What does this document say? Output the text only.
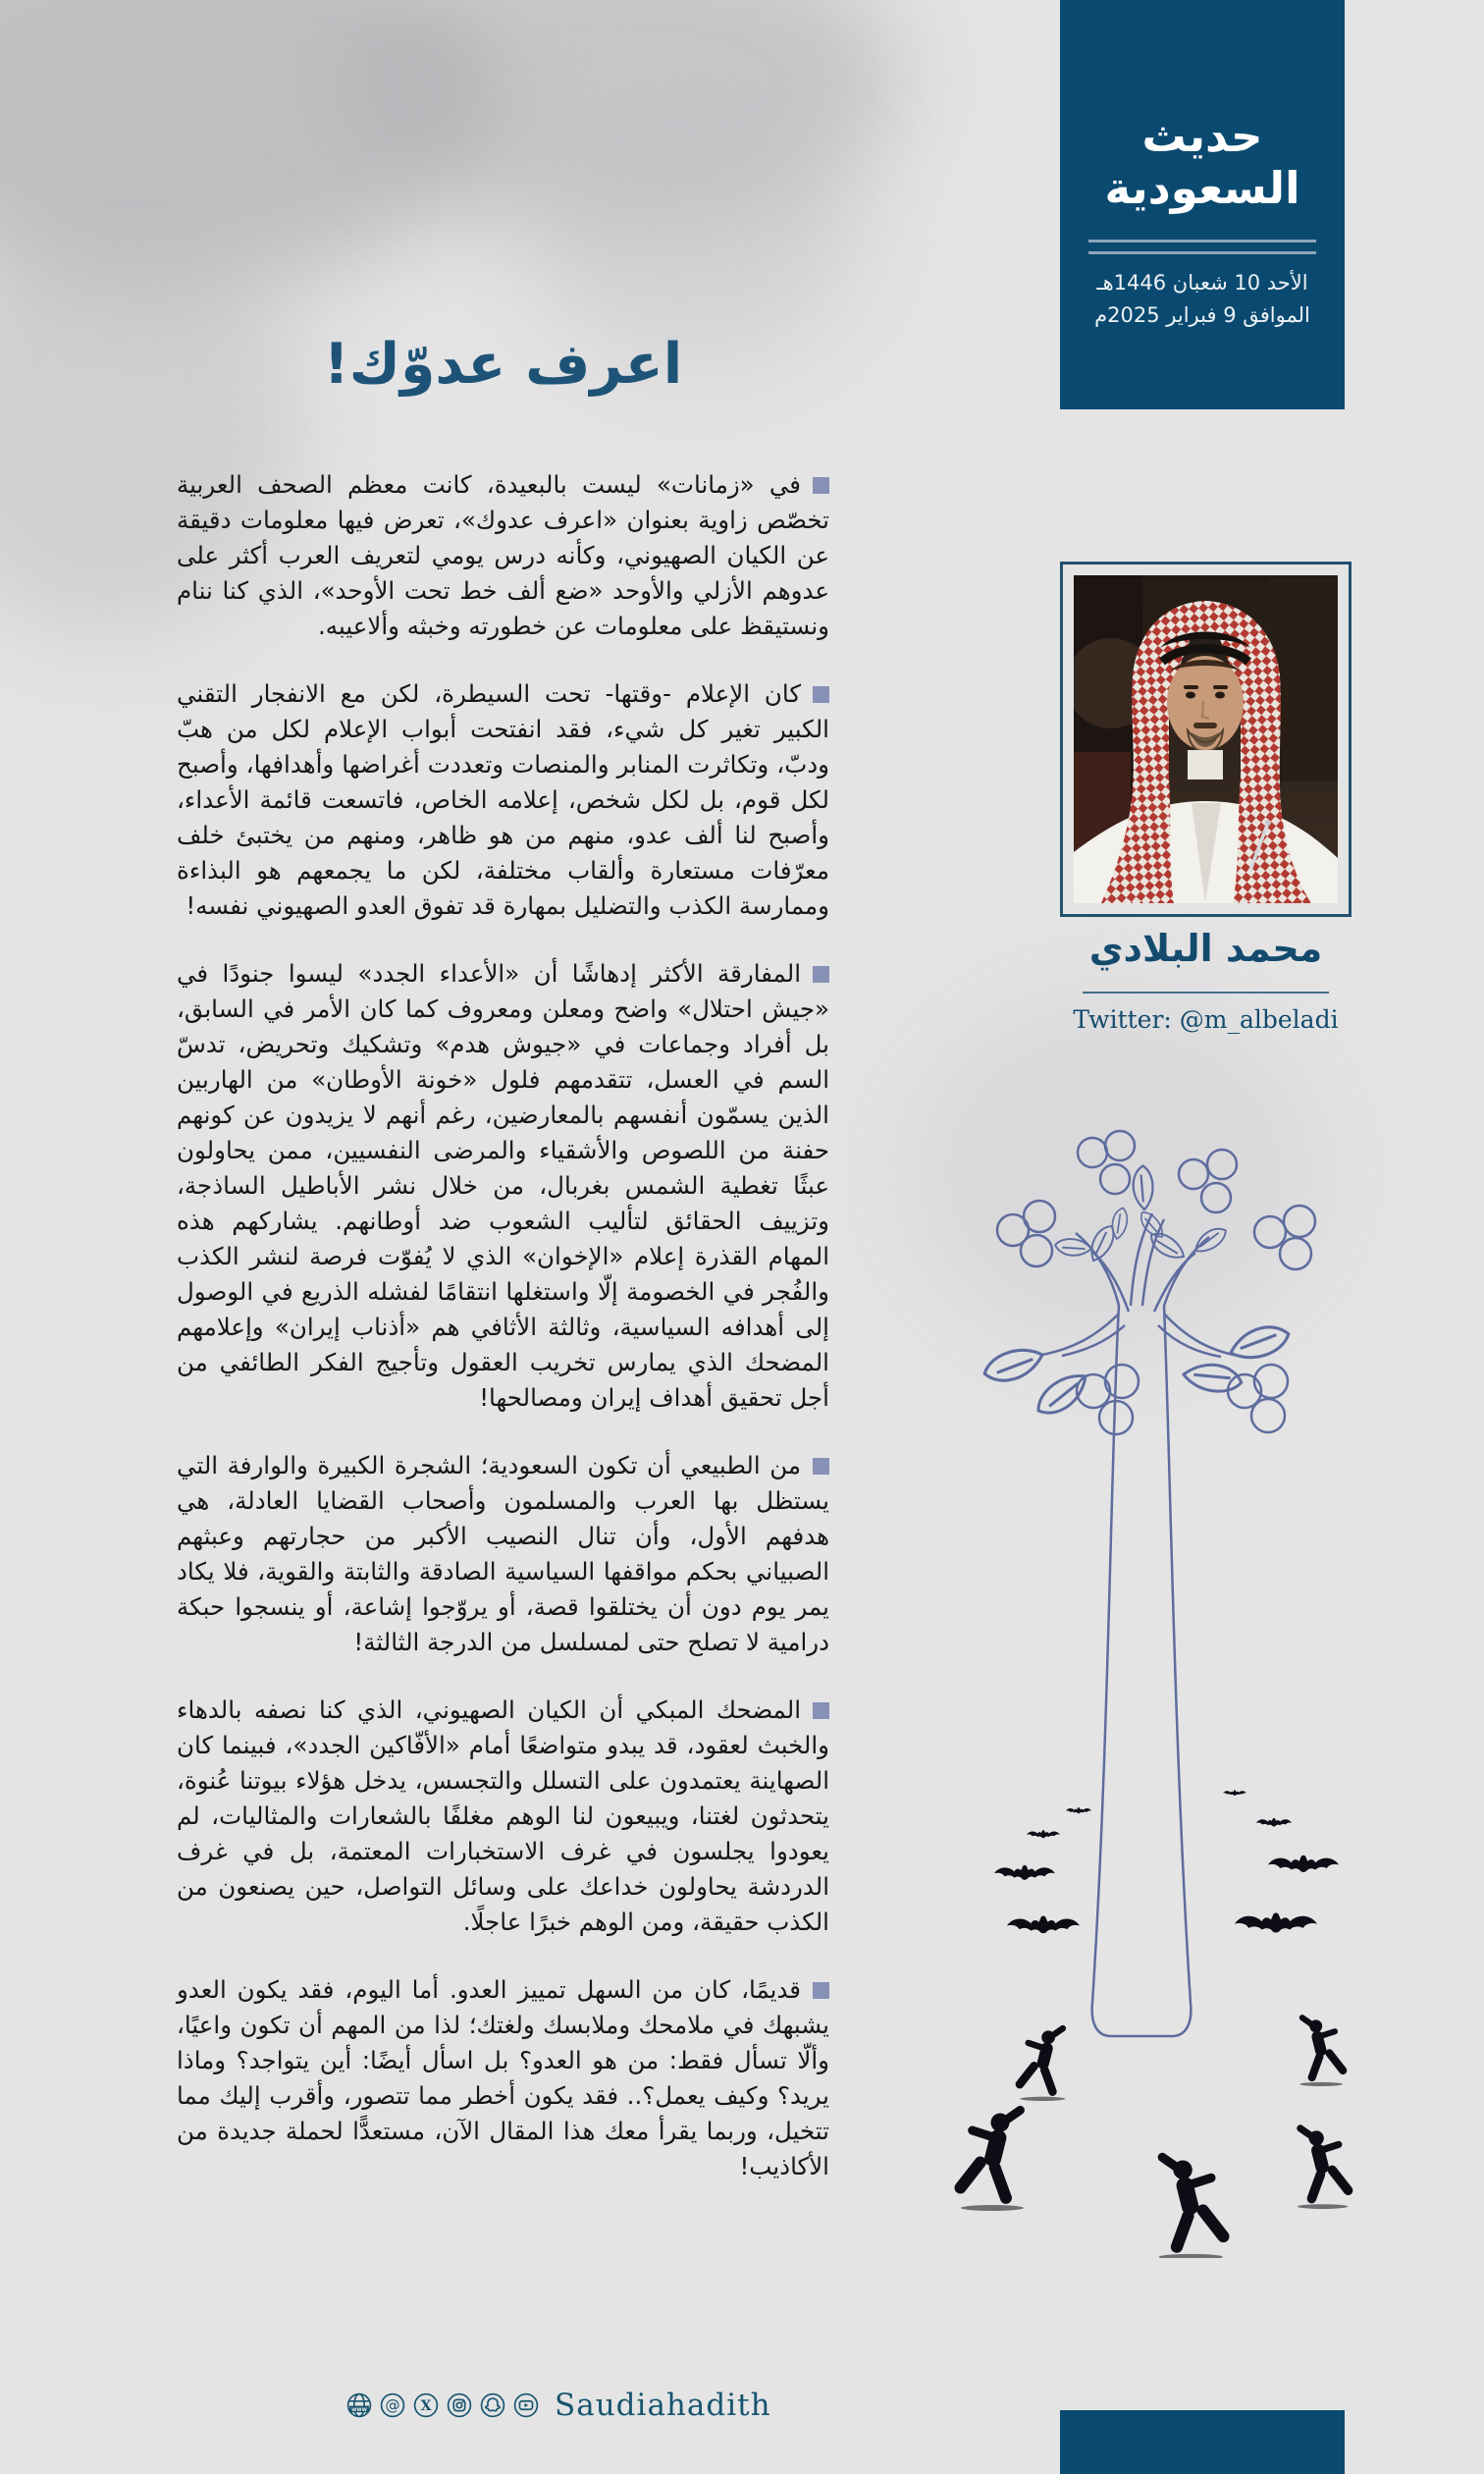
حديث السعودية
الأحد 10 شعبان 1446هـ
الموافق 9 فبراير 2025م
اعرف عدوّك!

في «زمانات» ليست بالبعيدة، كانت معظم الصحف العربية تخصّص زاوية بعنوان «اعرف عدوك»، تعرض فيها معلومات دقيقة عن الكيان الصهيوني، وكأنه درس يومي لتعريف العرب أكثر على عدوهم الأزلي والأوحد «ضع ألف خط تحت الأوحد»، الذي كنا ننام ونستيقظ على معلومات عن خطورته وخبثه وألاعيبه.

كان الإعلام -وقتها- تحت السيطرة، لكن مع الانفجار التقني الكبير تغير كل شيء، فقد انفتحت أبواب الإعلام لكل من هبّ ودبّ، وتكاثرت المنابر والمنصات وتعددت أغراضها وأهدافها، وأصبح لكل قوم، بل لكل شخص، إعلامه الخاص، فاتسعت قائمة الأعداء، وأصبح لنا ألف عدو، منهم من هو ظاهر، ومنهم من يختبئ خلف معرّفات مستعارة وألقاب مختلفة، لكن ما يجمعهم هو البذاءة وممارسة الكذب والتضليل بمهارة قد تفوق العدو الصهيوني نفسه!

المفارقة الأكثر إدهاشًا أن «الأعداء الجدد» ليسوا جنودًا في «جيش احتلال» واضح ومعلن ومعروف كما كان الأمر في السابق، بل أفراد وجماعات في «جيوش هدم» وتشكيك وتحريض، تدسّ السم في العسل، تتقدمهم فلول «خونة الأوطان» من الهاربين الذين يسمّون أنفسهم بالمعارضين، رغم أنهم لا يزيدون عن كونهم حفنة من اللصوص والأشقياء والمرضى النفسيين، ممن يحاولون عبثًا تغطية الشمس بغربال، من خلال نشر الأباطيل الساذجة، وتزييف الحقائق لتأليب الشعوب ضد أوطانهم. يشاركهم هذه المهام القذرة إعلام «الإخوان» الذي لا يُفوّت فرصة لنشر الكذب والفُجر في الخصومة إلّا واستغلها انتقامًا لفشله الذريع في الوصول إلى أهدافه السياسية، وثالثة الأثافي هم «أذناب إيران» وإعلامهم المضحك الذي يمارس تخريب العقول وتأجيج الفكر الطائفي من أجل تحقيق أهداف إيران ومصالحها!

من الطبيعي أن تكون السعودية؛ الشجرة الكبيرة والوارفة التي يستظل بها العرب والمسلمون وأصحاب القضايا العادلة، هي هدفهم الأول، وأن تنال النصيب الأكبر من حجارتهم وعبثهم الصبياني بحكم مواقفها السياسية الصادقة والثابتة والقوية، فلا يكاد يمر يوم دون أن يختلقوا قصة، أو يروّجوا إشاعة، أو ينسجوا حبكة درامية لا تصلح حتى لمسلسل من الدرجة الثالثة!

المضحك المبكي أن الكيان الصهيوني، الذي كنا نصفه بالدهاء والخبث لعقود، قد يبدو متواضعًا أمام «الأفّاكين الجدد»، فبينما كان الصهاينة يعتمدون على التسلل والتجسس، يدخل هؤلاء بيوتنا عُنوة، يتحدثون لغتنا، ويبيعون لنا الوهم مغلفًا بالشعارات والمثاليات، لم يعودوا يجلسون في غرف الاستخبارات المعتمة، بل في غرف الدردشة يحاولون خداعك على وسائل التواصل، حين يصنعون من الكذب حقيقة، ومن الوهم خبرًا عاجلًا.

قديمًا، كان من السهل تمييز العدو. أما اليوم، فقد يكون العدو يشبهك في ملامحك وملابسك ولغتك؛ لذا من المهم أن تكون واعيًا، وألّا تسأل فقط: من هو العدو؟ بل اسأل أيضًا: أين يتواجد؟ وماذا يريد؟ وكيف يعمل؟.. فقد يكون أخطر مما تتصور، وأقرب إليك مما تتخيل، وربما يقرأ معك هذا المقال الآن، مستعدًّا لحملة جديدة من الأكاذيب!

محمد البلادي
Twitter: @m_albeladi
www @ X	Saudiahadith
